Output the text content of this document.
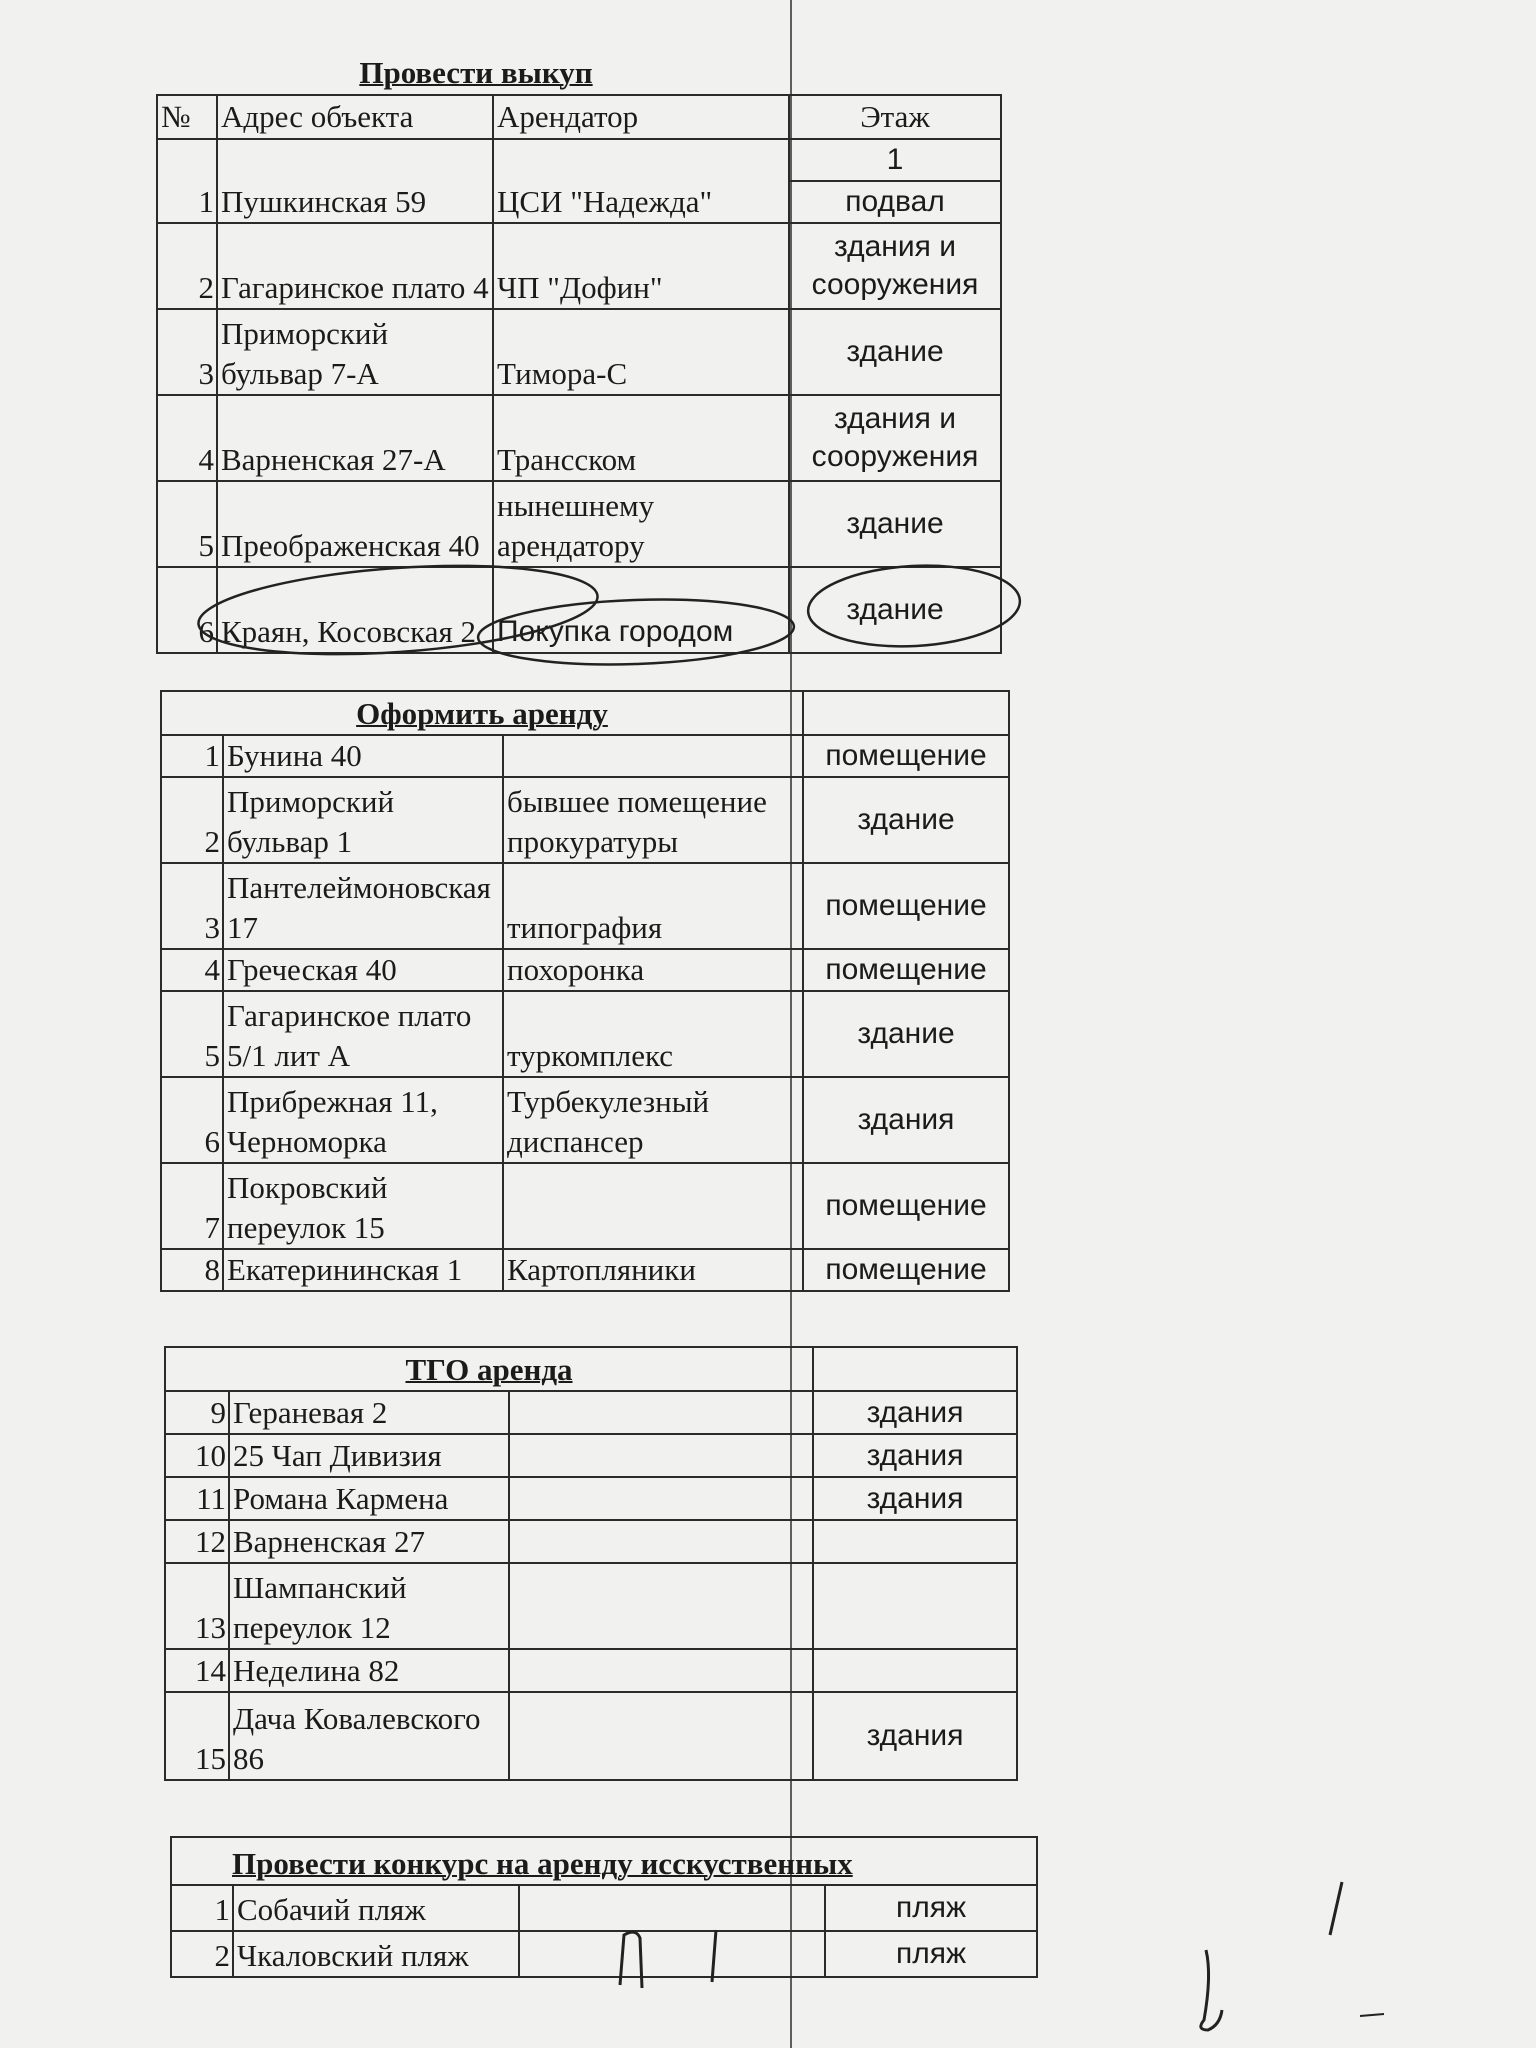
Провести выкуп
№	Адрес объекта	Арендатор	Этаж
1	Пушкинская 59	ЦСИ "Надежда"	1
			подвал
2	Гагаринское плато 4	ЧП "Дофин"	здания и сооружения
3	Приморский бульвар 7-А	Тимора-С	здание
4	Варненская 27-А	Трансском	здания и сооружения
5	Преображенская 40	нынешнему арендатору	здание
6	Краян, Косовская 2	Покупка городом	здание
Оформить аренду			
1	Бунина 40		помещение
2	Приморский бульвар 1	бывшее помещение прокуратуры	здание
3	Пантелеймоновская 17	типография	помещение
4	Греческая 40	похоронка	помещение
5	Гагаринское плато 5/1 лит А	туркомплекс	здание
6	Прибрежная 11, Черноморка	Турбекулезный диспансер	здания
7	Покровский переулок 15		помещение
8	Екатерининская 1	Картопляники	помещение
ТГО аренда			
9	Гераневая 2		здания
10	25 Чап Дивизия		здания
11	Романа Кармена		здания
12	Варненская 27		
13	Шампанский переулок 12		
14	Неделина 82		
15	Дача Ковалевского 86		здания
Провести конкурс на аренду исскуственных			
1	Собачий пляж		пляж
2	Чкаловский пляж		пляж
